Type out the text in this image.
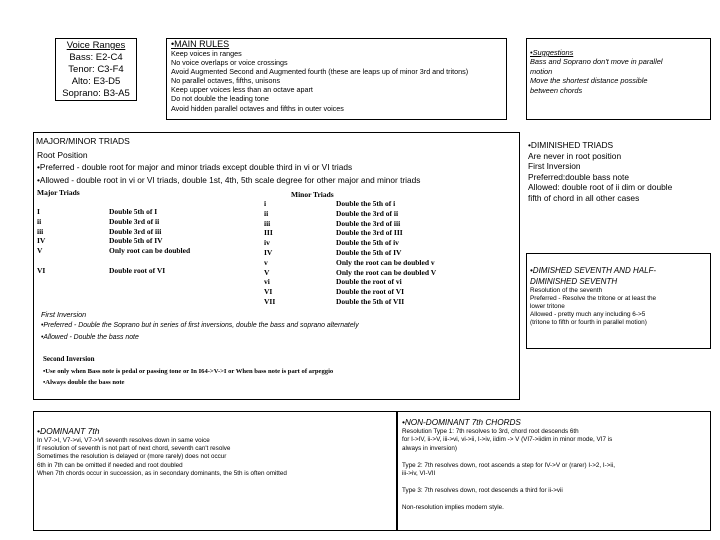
Voice Ranges
Bass: E2-C4
Tenor: C3-F4
Alto: E3-D5
Soprano: B3-A5
•MAIN RULES
Keep voices in ranges
No voice overlaps or voice crossings
Avoid Augmented Second and Augmented fourth (these are leaps up of minor 3rd and tritons)
No parallel octaves, fifths, unisons
Keep upper voices less than an octave apart
Do not double the leading tone
Avoid hidden parallel octaves and fifths in outer voices
•Suggestions
Bass and Soprano don't move in parallel
motion
Move the shortest distance possible
between chords
MAJOR/MINOR TRIADS
Root Position
•Preferred - double root for major and minor triads except double third in vi or VI triads
•Allowed - double root in vi or VI triads, double 1st, 4th, 5th scale degree for other major and minor triads
Major Triads
I	Double 5th of I
ii	Double 3rd of ii
iii	Double 3rd of iii
IV	Double 5th of IV
V	Only root can be doubled
VI	Double root of VI
Minor Triads
i	Double the 5th of i
ii	Double the 3rd of ii
iii	Double the 3rd of iii
III	Double the 3rd of III
iv	Double the 5th of iv
IV	Double the 5th of IV
v	Only the root can be doubled v
V	Only the root can be doubled V
vi	Double the root of vi
VI	Double the root of VI
VII	Double the 5th of VII
First Inversion
•Preferred - Double the Soprano but in series of first inversions, double the bass and soprano alternately
•Allowed - Double the bass note
Second Inversion
•Use only when Bass note is pedal or passing tone or In I64->V->I or When bass note is part of arpeggio
•Always double the bass note
•DIMINISHED TRIADS
Are never in root position
First Inversion
Preferred:double bass note
Allowed: double root of ii dim or double
fifth of chord in all other cases
•DIMISHED SEVENTH AND HALF-
DIMINISHED SEVENTH
Resolution of the seventh
Preferred - Resolve the tritone or at least the
lower tritone
Allowed - pretty much any including 6->5
(tritone to fifth or fourth in parallel motion)
•DOMINANT 7th
In V7->I, V7->vi, V7->VI seventh resolves down in same voice
If resolution of seventh is not part of next chord, seventh can't resolve
Sometimes the resolution is delayed or (more rarely) does not occur
6th in 7th can be omitted if needed and root doubled
When 7th chords occur in succession, as in secondary dominants, the 5th is often omitted
•NON-DOMINANT 7th CHORDS
Resolution Type 1: 7th resolves to 3rd, chord root descends 6th
for I->IV, ii->V, iii->vi, vi->ii, I->iv, iidim -> V (VI7->iidim in minor mode, VI7 is
always in inversion)
Type 2: 7th resolves down, root ascends a step for IV->V or (rarer) I->2, I->ii,
iii->iv, VI-VII
Type 3: 7th resolves down, root descends a third for ii->vii
Non-resolution implies modern style.
